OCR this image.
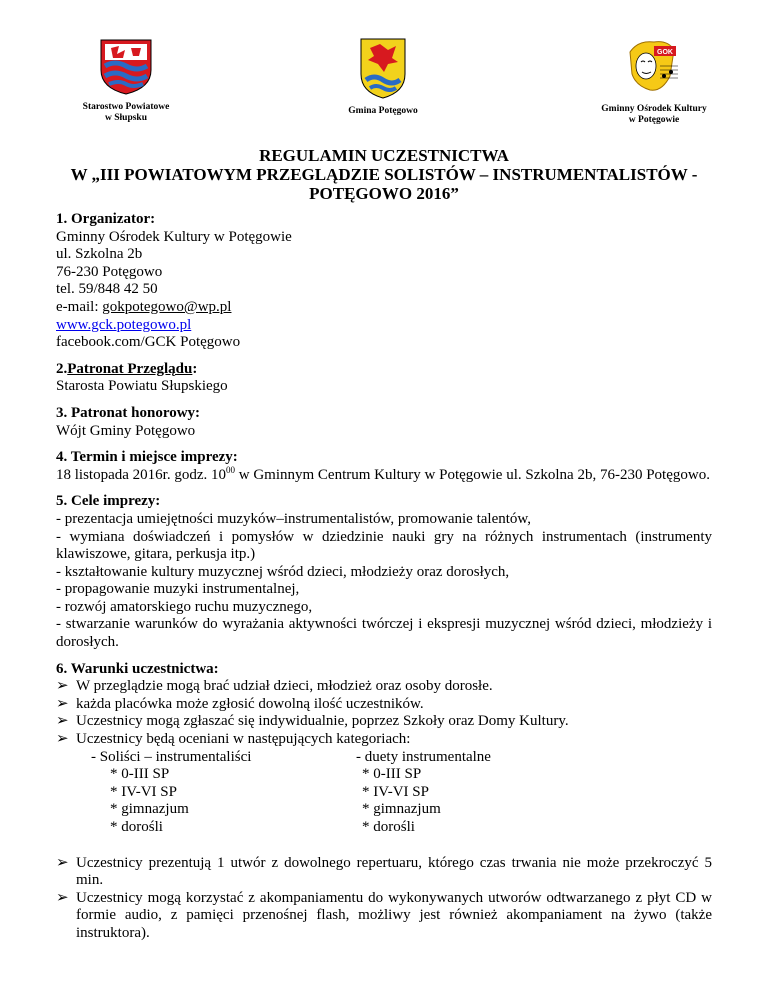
Starostwo Powiatowe
w Słupsku
Gmina Potęgowo
GOK
Gminny Ośrodek Kultury
w Potęgowie
REGULAMIN UCZESTNICTWA
W „III POWIATOWYM PRZEGLĄDZIE SOLISTÓW – INSTRUMENTALISTÓW -
POTĘGOWO 2016”
1. Organizator:
Gminny Ośrodek Kultury w Potęgowie
ul. Szkolna 2b
76-230 Potęgowo
tel. 59/848 42 50
e-mail: gokpotegowo@wp.pl
www.gck.potegowo.pl
facebook.com/GCK Potęgowo
2.Patronat Przeglądu:
Starosta Powiatu Słupskiego
3. Patronat honorowy:
Wójt Gminy Potęgowo
4. Termin i miejsce imprezy:
18 listopada 2016r. godz. $10^{00}$ w Gminnym Centrum Kultury w Potęgowie ul. Szkolna 2b, 76-230 Potęgowo.
5. Cele imprezy:
- prezentacja umiejętności muzyków–instrumentalistów, promowanie talentów,
- wymiana doświadczeń i pomysłów w dziedzinie nauki gry na różnych instrumentach (instrumenty klawiszowe, gitara, perkusja itp.)
- kształtowanie kultury muzycznej wśród dzieci, młodzieży oraz dorosłych,
- propagowanie muzyki instrumentalnej,
- rozwój amatorskiego ruchu muzycznego,
- stwarzanie warunków do wyrażania aktywności twórczej i ekspresji muzycznej wśród dzieci, młodzieży i dorosłych.
6. Warunki uczestnictwa:
➢ W przeglądzie mogą brać udział dzieci, młodzież oraz osoby dorosłe.
➢ każda placówka może zgłosić dowolną ilość uczestników.
➢ Uczestnicy mogą zgłaszać się indywidualnie, poprzez Szkoły oraz Domy Kultury.
➢ Uczestnicy będą oceniani w następujących kategoriach:
- Soliści – instrumentaliści	- duety instrumentalne
* 0-III SP	* 0-III SP
* IV-VI SP	* IV-VI SP
* gimnazjum	* gimnazjum
* dorośli	* dorośli
➢ Uczestnicy prezentują 1 utwór z dowolnego repertuaru, którego czas trwania nie może przekroczyć 5 min.
➢ Uczestnicy mogą korzystać z akompaniamentu do wykonywanych utworów odtwarzanego z płyt CD w formie audio, z pamięci przenośnej flash, możliwy jest również akompaniament na żywo (także instruktora).
